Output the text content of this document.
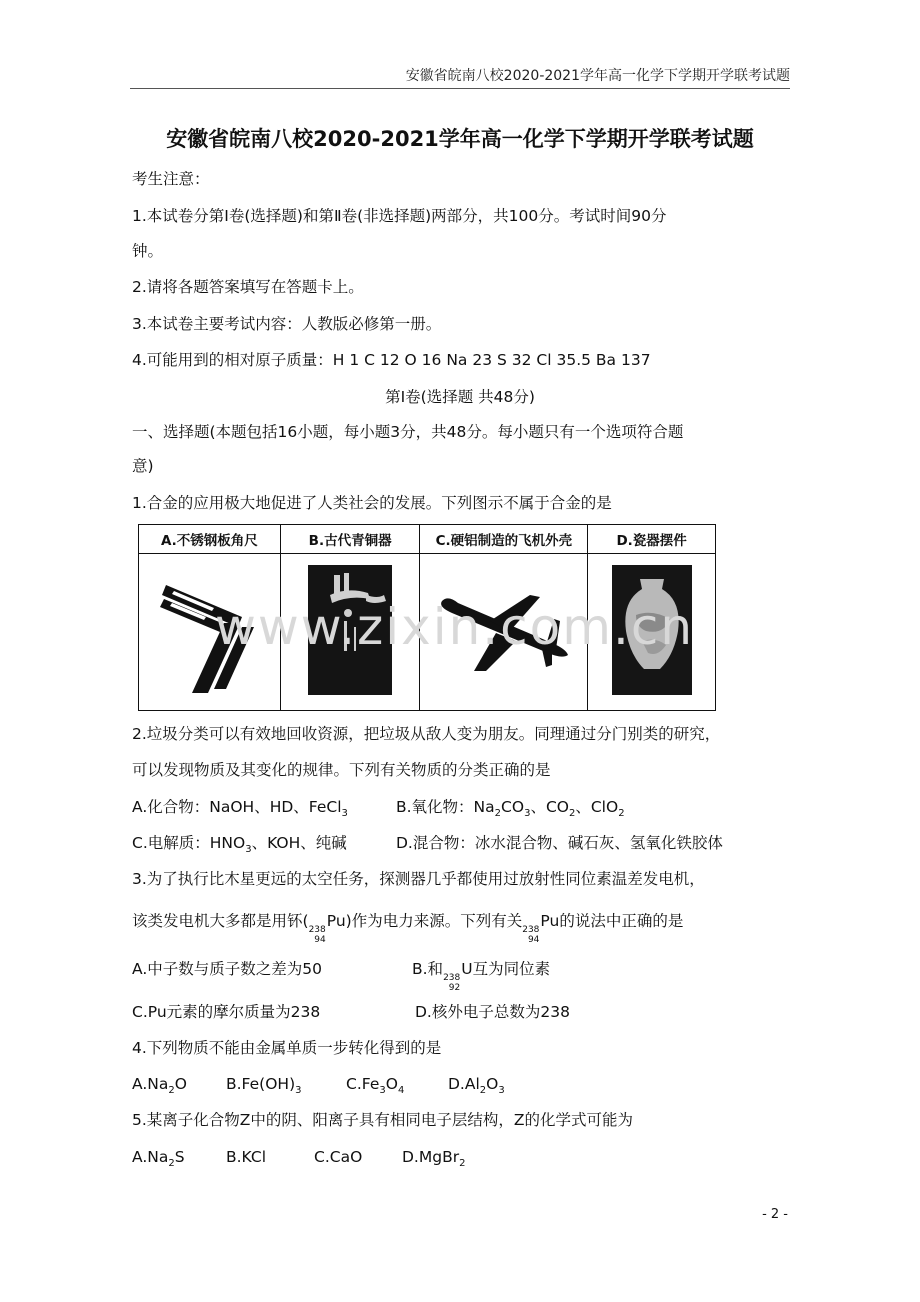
安徽省皖南八校2020-2021学年高一化学下学期开学联考试题
安徽省皖南八校2020-2021学年高一化学下学期开学联考试题
考生注意：
1.本试卷分第Ⅰ卷(选择题)和第Ⅱ卷(非选择题)两部分，共100分。考试时间90分
钟。
2.请将各题答案填写在答题卡上。
3.本试卷主要考试内容：人教版必修第一册。
4.可能用到的相对原子质量：H 1 C 12 O 16 Na 23 S 32 Cl 35.5 Ba 137
第Ⅰ卷(选择题 共48分)
一、选择题(本题包括16小题，每小题3分，共48分。每小题只有一个选项符合题
意)
1.合金的应用极大地促进了人类社会的发展。下列图示不属于合金的是
A.不锈钢板角尺	B.古代青铜器	C.硬铝制造的飞机外壳	D.瓷器摆件

www.zixin.com.cn
2.垃圾分类可以有效地回收资源，把垃圾从敌人变为朋友。同理通过分门别类的研究，
可以发现物质及其变化的规律。下列有关物质的分类正确的是
A.化合物：NaOH、HD、FeCl$_3$	B.氧化物：$Na_2CO_3$、$CO_2$、ClO$_2$
C.电解质：$HNO_3$、KOH、纯碱	D.混合物：冰水混合物、碱石灰、氢氧化铁胶体
3.为了执行比木星更远的太空任务，探测器几乎都使用过放射性同位素温差发电机，
该类发电机大多都是用钚( 238
94
Pu)作为电力来源。下列有关 238
94
Pu的说法中正确的是
A.中子数与质子数之差为50	B.和 238
92
U互为同位素
C.Pu元素的摩尔质量为238	D.核外电子总数为238
4.下列物质不能由金属单质一步转化得到的是
$A.Na_2O$	$B.Fe(OH)_3$	$C.Fe_3O_4$	$D.Al_2O_3$
5.某离子化合物Z中的阴、阳离子具有相同电子层结构，Z的化学式可能为
$A.Na_2S$	B.KCl	C.CaO	D.MgBr$_2$
- 2 -
